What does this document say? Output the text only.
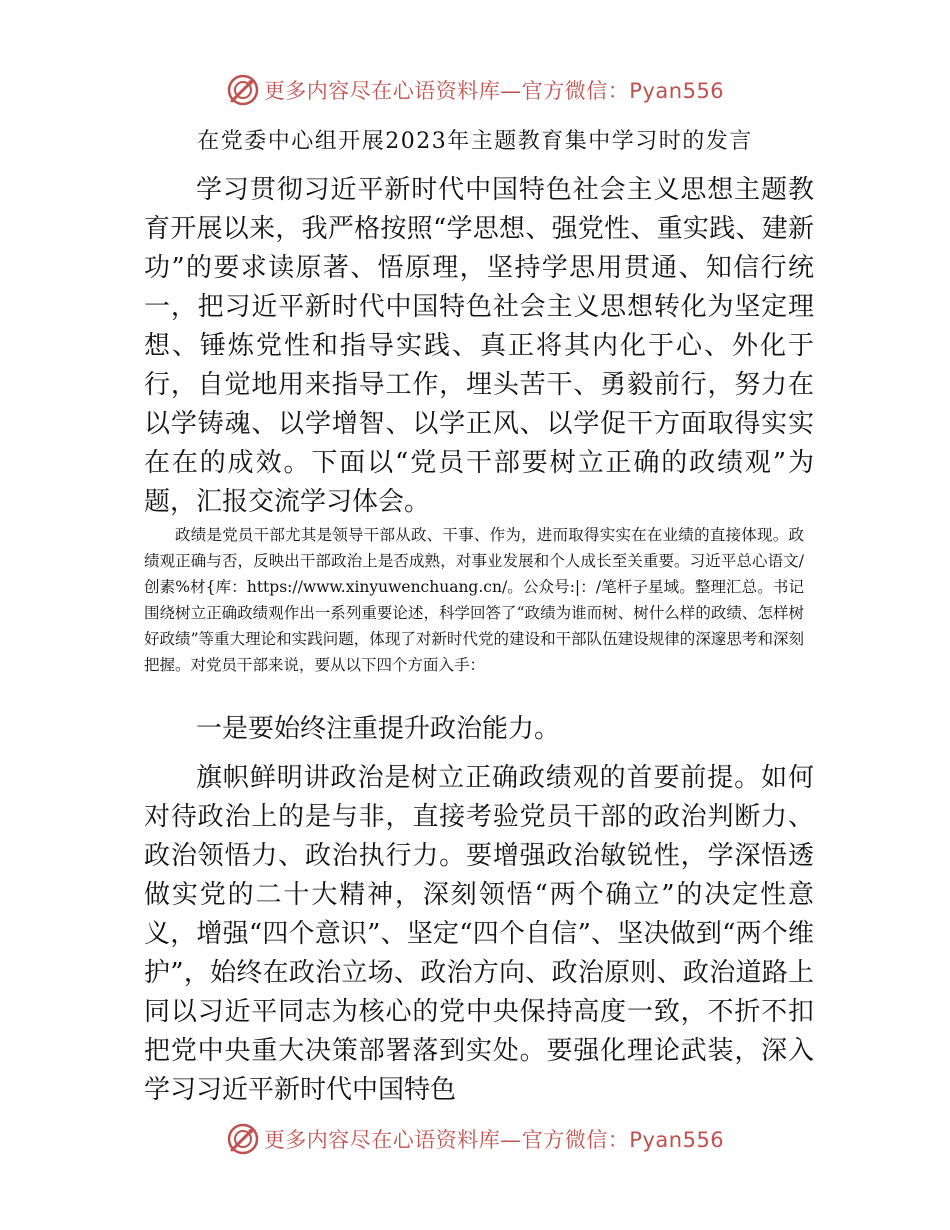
更多内容尽在心语资料库—官方微信：Pyan556
在党委中心组开展2023年主题教育集中学习时的发言

学习贯彻习近平新时代中国特色社会主义思想主题教育开展以来，我严格按照“学思想、强党性、重实践、建新功”的要求读原著、悟原理，坚持学思用贯通、知信行统一，把习近平新时代中国特色社会主义思想转化为坚定理想、锤炼党性和指导实践、真正将其内化于心、外化于行，自觉地用来指导工作，埋头苦干、勇毅前行，努力在以学铸魂、以学增智、以学正风、以学促干方面取得实实在在的成效。下面以“党员干部要树立正确的政绩观”为题，汇报交流学习体会。

政绩是党员干部尤其是领导干部从政、干事、作为，进而取得实实在在业绩的直接体现。政绩观正确与否，反映出干部政治上是否成熟，对事业发展和个人成长至关重要。习近平总心语文/创素%材{库：https://www.xinyuwenchuang.cn/。公众号:|：/笔杆子星域。整理汇总。书记围绕树立正确政绩观作出一系列重要论述，科学回答了“政绩为谁而树、树什么样的政绩、怎样树好政绩”等重大理论和实践问题，体现了对新时代党的建设和干部队伍建设规律的深邃思考和深刻把握。对党员干部来说，要从以下四个方面入手：

一是要始终注重提升政治能力。

旗帜鲜明讲政治是树立正确政绩观的首要前提。如何对待政治上的是与非，直接考验党员干部的政治判断力、政治领悟力、政治执行力。要增强政治敏锐性，学深悟透做实党的二十大精神，深刻领悟“两个确立”的决定性意义，增强“四个意识”、坚定“四个自信”、坚决做到“两个维护”，始终在政治立场、政治方向、政治原则、政治道路上同以习近平同志为核心的党中央保持高度一致，不折不扣把党中央重大决策部署落到实处。要强化理论武装，深入学习习近平新时代中国特色

更多内容尽在心语资料库—官方微信：Pyan556
